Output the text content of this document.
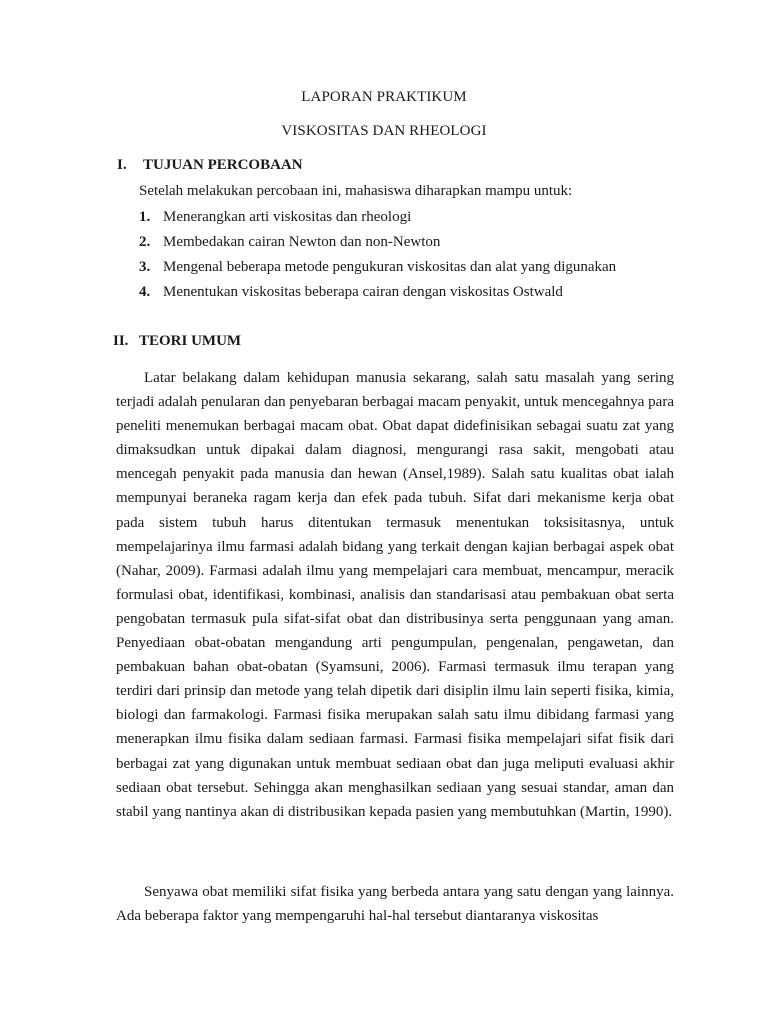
LAPORAN PRAKTIKUM
VISKOSITAS DAN RHEOLOGI
I. TUJUAN PERCOBAAN
Setelah melakukan percobaan ini, mahasiswa diharapkan mampu untuk:
1. Menerangkan arti viskositas dan rheologi
2. Membedakan cairan Newton dan non-Newton
3. Mengenal beberapa metode pengukuran viskositas dan alat yang digunakan
4. Menentukan viskositas beberapa cairan dengan viskositas Ostwald
II. TEORI UMUM

Latar belakang dalam kehidupan manusia sekarang, salah satu masalah yang sering terjadi adalah penularan dan penyebaran berbagai macam penyakit, untuk mencegahnya para peneliti menemukan berbagai macam obat. Obat dapat didefinisikan sebagai suatu zat yang dimaksudkan untuk dipakai dalam diagnosi, mengurangi rasa sakit, mengobati atau mencegah penyakit pada manusia dan hewan (Ansel,1989). Salah satu kualitas obat ialah mempunyai beraneka ragam kerja dan efek pada tubuh. Sifat dari mekanisme kerja obat pada sistem tubuh harus ditentukan termasuk menentukan toksisitasnya, untuk mempelajarinya ilmu farmasi adalah bidang yang terkait dengan kajian berbagai aspek obat (Nahar, 2009). Farmasi adalah ilmu yang mempelajari cara membuat, mencampur, meracik formulasi obat, identifikasi, kombinasi, analisis dan standarisasi atau pembakuan obat serta pengobatan termasuk pula sifat-sifat obat dan distribusinya serta penggunaan yang aman. Penyediaan obat-obatan mengandung arti pengumpulan, pengenalan, pengawetan, dan pembakuan bahan obat-obatan (Syamsuni, 2006). Farmasi termasuk ilmu terapan yang terdiri dari prinsip dan metode yang telah dipetik dari disiplin ilmu lain seperti fisika, kimia, biologi dan farmakologi. Farmasi fisika merupakan salah satu ilmu dibidang farmasi yang menerapkan ilmu fisika dalam sediaan farmasi. Farmasi fisika mempelajari sifat fisik dari berbagai zat yang digunakan untuk membuat sediaan obat dan juga meliputi evaluasi akhir sediaan obat tersebut. Sehingga akan menghasilkan sediaan yang sesuai standar, aman dan stabil yang nantinya akan di distribusikan kepada pasien yang membutuhkan (Martin, 1990).

Senyawa obat memiliki sifat fisika yang berbeda antara yang satu dengan yang lainnya. Ada beberapa faktor yang mempengaruhi hal-hal tersebut diantaranya viskositas
